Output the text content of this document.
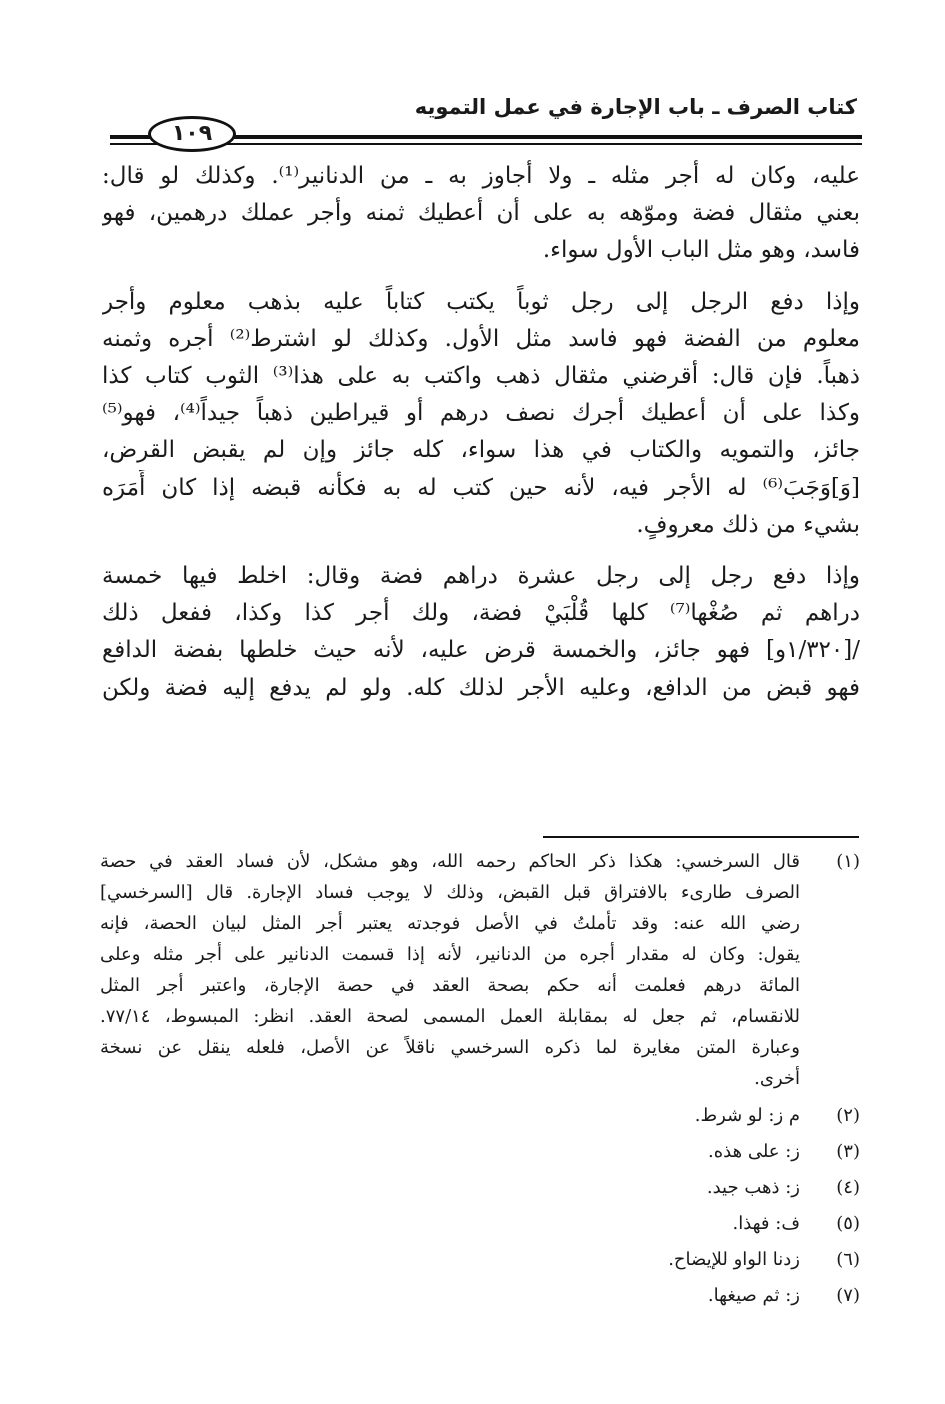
كتاب الصرف ـ باب الإجارة في عمل التمويه
١٠٩

عليه، وكان له أجر مثله ـ ولا أجاوز به ـ من الدنانير⁽¹⁾. وكذلك لو قال:
بعني مثقال فضة وموّهه به على أن أعطيك ثمنه وأجر عملك درهمين، فهو
فاسد، وهو مثل الباب الأول سواء.

وإذا دفع الرجل إلى رجل ثوباً يكتب كتاباً عليه بذهب معلوم وأجر
معلوم من الفضة فهو فاسد مثل الأول. وكذلك لو اشترط⁽²⁾ أجره وثمنه
ذهباً. فإن قال: أقرضني مثقال ذهب واكتب به على هذا⁽³⁾ الثوب كتاب كذا
وكذا على أن أعطيك أجرك نصف درهم أو قيراطين ذهباً جيداً⁽⁴⁾، فهو⁽⁵⁾
جائز، والتمويه والكتاب في هذا سواء، كله جائز وإن لم يقبض القرض،
[وَ]وَجَبَ⁽⁶⁾ له الأجر فيه، لأنه حين كتب له به فكأنه قبضه إذا كان أَمَرَه
بشيء من ذلك معروفٍ.

وإذا دفع رجل إلى رجل عشرة دراهم فضة وقال: اخلط فيها خمسة
دراهم ثم صُغْها⁽⁷⁾ كلها قُلْبَيْ فضة، ولك أجر كذا وكذا، ففعل ذلك
/[١/٣٢٠و] فهو جائز، والخمسة قرض عليه، لأنه حيث خلطها بفضة الدافع
فهو قبض من الدافع، وعليه الأجر لذلك كله. ولو لم يدفع إليه فضة ولكن

(١)
قال السرخسي: هكذا ذكر الحاكم رحمه الله، وهو مشكل، لأن فساد العقد في حصة
الصرف طارىء بالافتراق قبل القبض، وذلك لا يوجب فساد الإجارة. قال [السرخسي]
رضي الله عنه: وقد تأملتُ في الأصل فوجدته يعتبر أجر المثل لبيان الحصة، فإنه
يقول: وكان له مقدار أجره من الدنانير، لأنه إذا قسمت الدنانير على أجر مثله وعلى
المائة درهم فعلمت أنه حكم بصحة العقد في حصة الإجارة، واعتبر أجر المثل
للانقسام، ثم جعل له بمقابلة العمل المسمى لصحة العقد. انظر: المبسوط، ٧٧/١٤.
وعبارة المتن مغايرة لما ذكره السرخسي ناقلاً عن الأصل، فلعله ينقل عن نسخة
أخرى.
(٢)
م ز: لو شرط.
(٣)
ز: على هذه.
(٤)
ز: ذهب جيد.
(٥)
ف: فهذا.
(٦)
زدنا الواو للإيضاح.
(٧)
ز: ثم صيغها.
